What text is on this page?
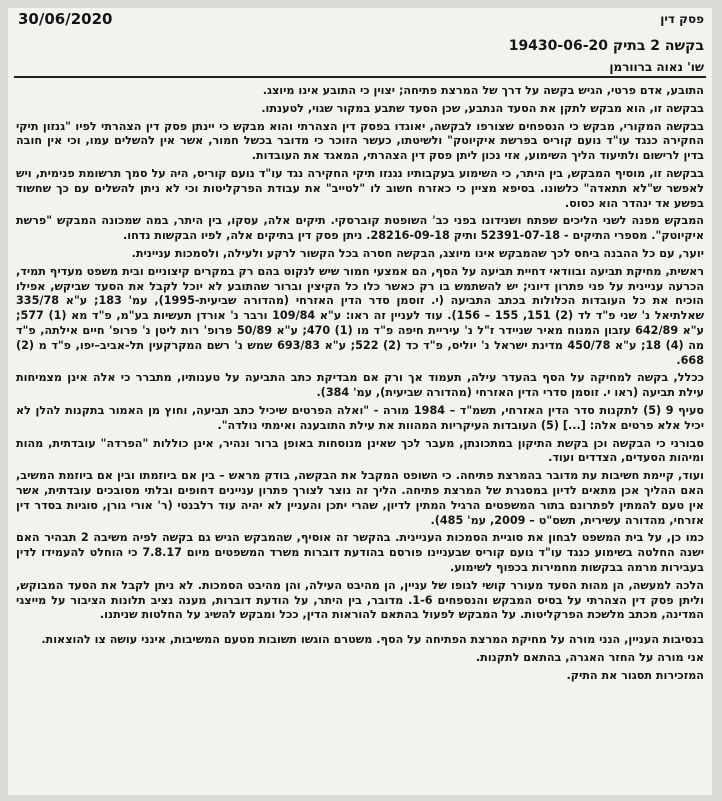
פסק דין
30/06/2020
בקשה 2 בתיק 19430-06-20
שו' נאוה ברוורמן

התובע, אדם פרטי, הגיש בקשה על דרך של המרצת פתיחה; יצוין כי התובע אינו מיוצג.

בבקשה זו, הוא מבקש לתקן את הסעד הנתבע, שכן הסעד שתבע במקור שגוי, לטענתו.

בבקשה המקורי, מבקש כי הנספחים שצורפו לבקשה, יאוגדו בפסק דין הצהרתי והוא מבקש כי יינתן פסק דין הצהרתי לפיו "גנזון תיקי החקירה כנגד עו"ד נועם קוריס בפרשת איקיוטק" ולשיטתו, כעשר הזוכר כי מדובר בכשל חמור, אשר אין להשלים עמו, וכי אין חובה בדין לרישום ולתיעוד הליך השימוע, אזי נכון ליתן פסק דין הצהרתי, המאגד את העובדות.

בבקשה זו, מוסיף המבקש, בין היתר, כי השימוע בעקבותיו נגנזו תיקי החקירה נגד עו"ד נועם קוריס, היה על סמך תרשומת פנימית, ויש לאפשר ש"לא תתאדה" כלשונו. בסיפא מציין כי כאזרח חשוב לו "לטייב" את עבודת הפרקליטות וכי לא ניתן להשלים עם כך שחשוד בפשע אד ינהדר הוא כסוס.

המבקש מפנה לשני הליכים שפתח ושנידונו בפני כב' השופטת קוברסקי. תיקים אלה, עסקו, בין היתר, במה שמכונה המבקש "פרשת איקיוטק". מספרי התיקים - 52391-07-18 ותיק 28216-09-18. ניתן פסק דין בתיקים אלה, לפיו הבקשות נדחו.

יוער, עם כל ההבנה ביחס לכך שהמבקש אינו מיוצג, הבקשה חסרה בכל הקשור לרקע ולעילה, ולסמכות עניינית.

ראשית, מחיקת תביעה ובוודאי דחיית תביעה על הסף, הם אמצעי חמור שיש לנקוט בהם רק במקרים קיצוניים ובית משפט מעדיף תמיד, הכרעה עניינית על פני פתרון דיוני; יש להשתמש בו רק כאשר כלו כל הקיצין וברור שהתובע לא יוכל לקבל את הסעד שביקש, אפילו הוכיח את כל העובדות הכלולות בכתב התביעה (י. זוסמן סדר הדין האזרחי (מהדורה שביעית-1995), עמ' 183; ע"א 335/78 שאלתיאל נ' שני פ"ד לד (2) 151, 155 – 156). עוד לעניין זה ראו: ע"א 109/84 ורבר נ' אורדן תעשיות בע"מ, פ"ד מא (1) 577; ע"א 642/89 עזבון המנוח מאיר שניידר ז"ל נ' עיריית חיפה פ"ד מו (1) 470; ע"א 50/89 פרופ' רות ליטן נ' פרופ' חיים אילתה, פ"ד מה (4) 18; ע"א 450/78 מדינת ישראל נ' יוליס, פ"ד כד (2) 522; ע"א 693/83 שמש נ' רשם המקרקעין תל-אביב–יפו, פ"ד מ (2) 668.

ככלל, בקשה למחיקה על הסף בהעדר עילה, תעמוד אך ורק אם מבדיקת כתב התביעה על טענותיו, מתברר כי אלה אינן מצמיחות עילת תביעה (ראו י. זוסמן סדרי הדין האזרחי (מהדורה שביעית), עמ' 384).

סעיף 9 (5) לתקנות סדר הדין האזרחי, תשמ"ד – 1984 מורה - "ואלה הפרטים שיכיל כתב תביעה, וחוץ מן האמור בתקנות להלן לא יכיל אלא פרטים אלה: [...] (5) העובדות העיקריות המהוות את עילת התובענה ואימתי נולדה".

סבורני כי הבקשה וכן בקשת התיקון במתכונתן, מעבר לכך שאינן מנוסחות באופן ברור ונהיר, אינן כוללות "הפרדה" עובדתית, מהות ומיהות הסעדים, הצדדים ועוד.

ועוד, קיימת חשיבות עת מדובר בהמרצת פתיחה. כי השופט המקבל את הבקשה, בודק מראש – בין אם ביוזמתו ובין אם ביוזמת המשיב, האם ההליך אכן מתאים לדיון במסגרת של המרצת פתיחה. הליך זה נוצר לצורך פתרון עניינים דחופים ובלתי מסובכים עובדתית, אשר אין טעם להמתין לפתרונם בתור המשפטים הרגיל המתין לדיון, שהרי יתכן והעניין לא יהיה עוד רלבנטי (ר' אורי גורן, סוגיות בסדר דין אזרחי, מהדורה עשירית, תשס"ט – 2009, עמ' 485).

כמו כן, על בית המשפט לבחון את סוגיית הסמכות העניינית. בהקשר זה אוסיף, שהמבקש הגיש גם בקשה לפיה משיבה 2 תבהיר האם ישנה החלטה בשימוע כנגד עו"ד נועם קוריס שבעניינו פורסם בהודעת דוברות משרד המשפטים מיום 7.8.17 כי הוחלט להעמידו לדין בעבירות מרמה בבקשות מחמירות בכפוף לשימוע.

הלכה למעשה, הן מהות הסעד מעורר קושי לגופו של עניין, הן מהיבט העילה, והן מהיבט הסמכות. לא ניתן לקבל את הסעד המבוקש, וליתן פסק דין הצהרתי על בסיס המבקש והנספחים 1-6. מדובר, בין היתר, על הודעת דוברות, מענה נציב תלונות הציבור על מייצגי המדינה, מכתב מלשכת הפרקליטות. על המבקש לפעול בהתאם להוראות הדין, ככל ומבקש להשיג על החלטות שניתנו.

בנסיבות העניין, הנני מורה על מחיקת המרצת הפתיחה על הסף. משטרם הוגשו תשובות מטעם המשיבות, אינני עושה צו להוצאות.

אני מורה על החזר האגרה, בהתאם לתקנות.

המזכירות תסגור את התיק.
